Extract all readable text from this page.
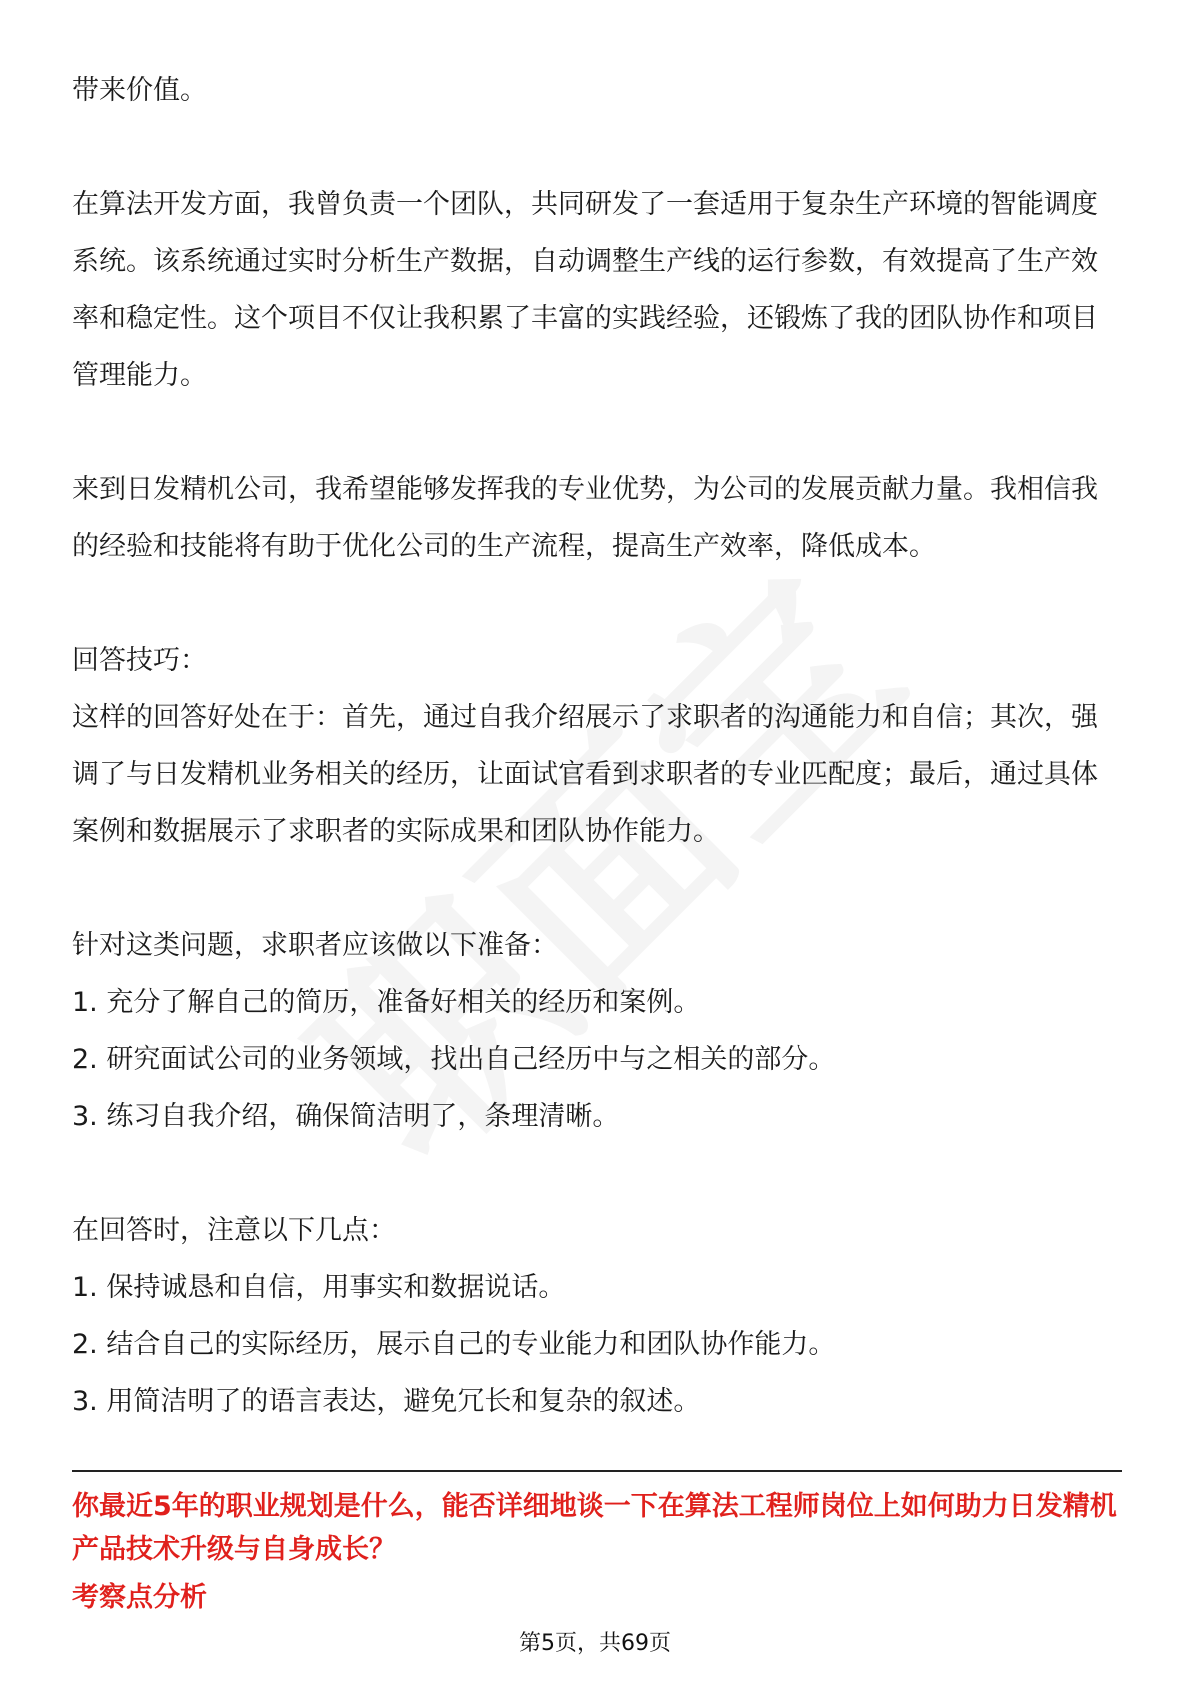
带来价值。

在算法开发方面，我曾负责一个团队，共同研发了一套适用于复杂生产环境的智能调度系统。该系统通过实时分析生产数据，自动调整生产线的运行参数，有效提高了生产效率和稳定性。这个项目不仅让我积累了丰富的实践经验，还锻炼了我的团队协作和项目管理能力。

来到日发精机公司，我希望能够发挥我的专业优势，为公司的发展贡献力量。我相信我的经验和技能将有助于优化公司的生产流程，提高生产效率，降低成本。

回答技巧：

这样的回答好处在于：首先，通过自我介绍展示了求职者的沟通能力和自信；其次，强调了与日发精机业务相关的经历，让面试官看到求职者的专业匹配度；最后，通过具体案例和数据展示了求职者的实际成果和团队协作能力。

针对这类问题，求职者应该做以下准备：

1. 充分了解自己的简历，准备好相关的经历和案例。

2. 研究面试公司的业务领域，找出自己经历中与之相关的部分。

3. 练习自我介绍，确保简洁明了，条理清晰。

在回答时，注意以下几点：

1. 保持诚恳和自信，用事实和数据说话。

2. 结合自己的实际经历，展示自己的专业能力和团队协作能力。

3. 用简洁明了的语言表达，避免冗长和复杂的叙述。

你最近5年的职业规划是什么，能否详细地谈一下在算法工程师岗位上如何助力日发精机产品技术升级与自身成长？

考察点分析

第5页，共69页
